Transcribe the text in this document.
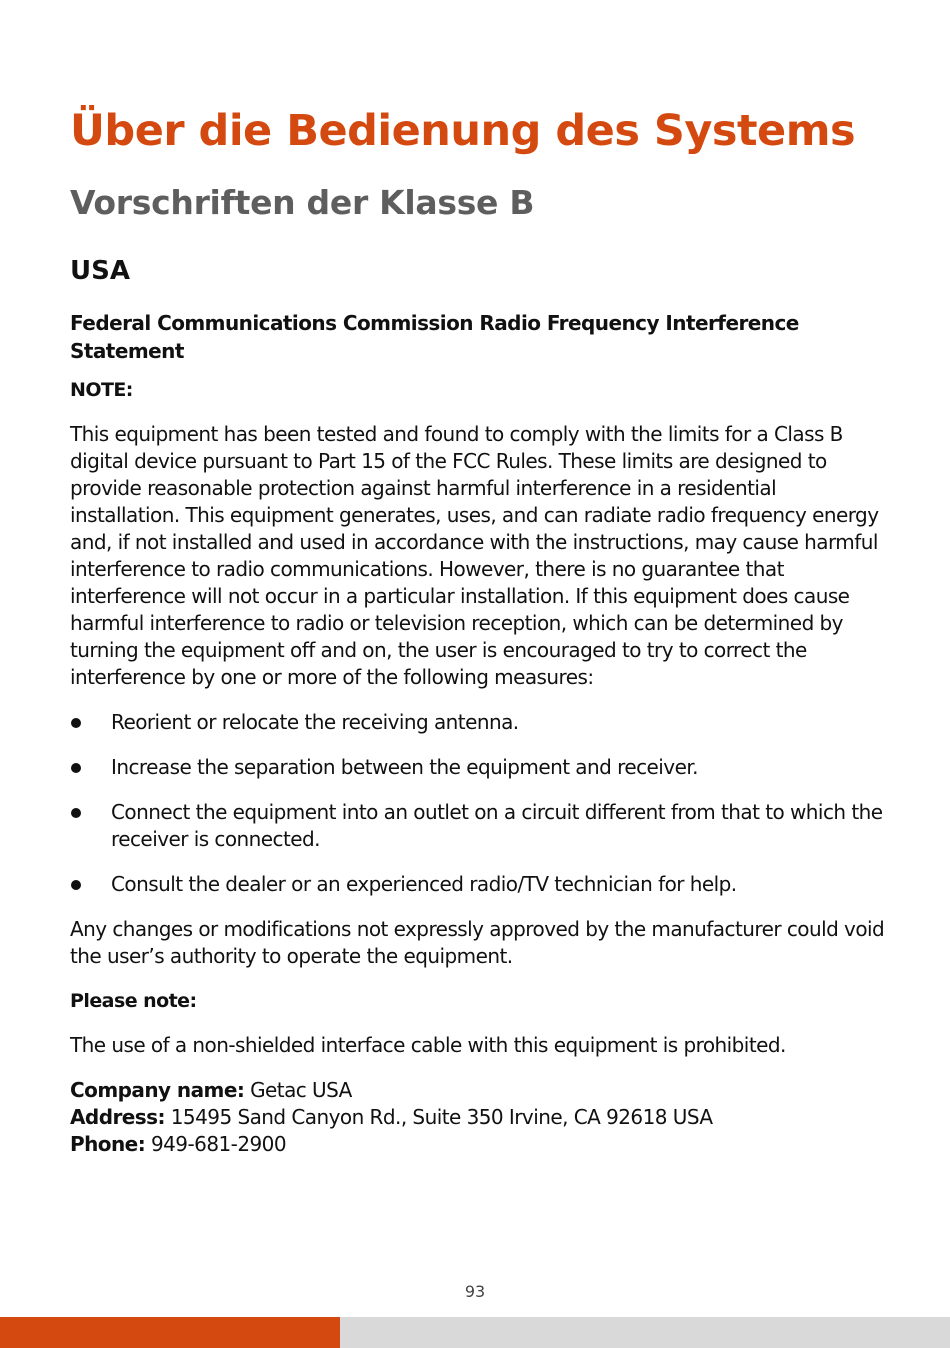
Über die Bedienung des Systems
Vorschriften der Klasse B
USA
Federal Communications Commission Radio Frequency Interference Statement
NOTE:

This equipment has been tested and found to comply with the limits for a Class B digital device pursuant to Part 15 of the FCC Rules. These limits are designed to provide reasonable protection against harmful interference in a residential installation. This equipment generates, uses, and can radiate radio frequency energy and, if not installed and used in accordance with the instructions, may cause harmful interference to radio communications. However, there is no guarantee that interference will not occur in a particular installation. If this equipment does cause harmful interference to radio or television reception, which can be determined by turning the equipment off and on, the user is encouraged to try to correct the interference by one or more of the following measures:

Reorient or relocate the receiving antenna.
Increase the separation between the equipment and receiver.
Connect the equipment into an outlet on a circuit different from that to which the receiver is connected.
Consult the dealer or an experienced radio/TV technician for help.

Any changes or modifications not expressly approved by the manufacturer could void the user’s authority to operate the equipment.

Please note:

The use of a non-shielded interface cable with this equipment is prohibited.

Company name: Getac USA

Address: 15495 Sand Canyon Rd., Suite 350 Irvine, CA 92618 USA

Phone: 949-681-2900

93
